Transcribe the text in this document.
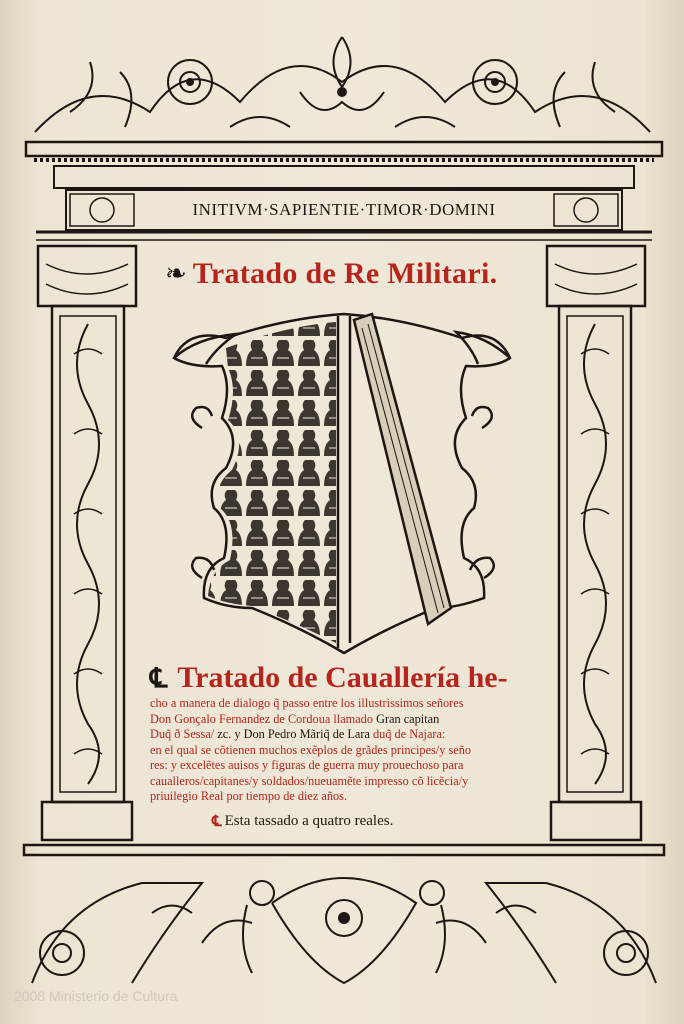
INITIVM·SAPIENTIE·TIMOR·DOMINI
❧ Tratado de Re Militari.
℄ Tratado de Cauallería he-
cho a manera de dialogo q̃ passo entre los illustrissimos señores
Don Gonçalo Fernandez de Cordoua llamado Gran capitan
Duq̃ ð Sessa/ zc. y Don Pedro Mãriq̃ de Lara duq̃ de Najara:
en el qual se cõtienen muchos exẽplos de grãdes principes/y seño
res: y excelẽtes auisos y figuras de guerra muy prouechoso para
caualleros/capitanes/y soldados/nueuamẽte impresso cõ licẽcia/y
priuilegio Real por tiempo de diez años.
℄ Esta tassado a quatro reales.
2008 Ministerio de Cultura
